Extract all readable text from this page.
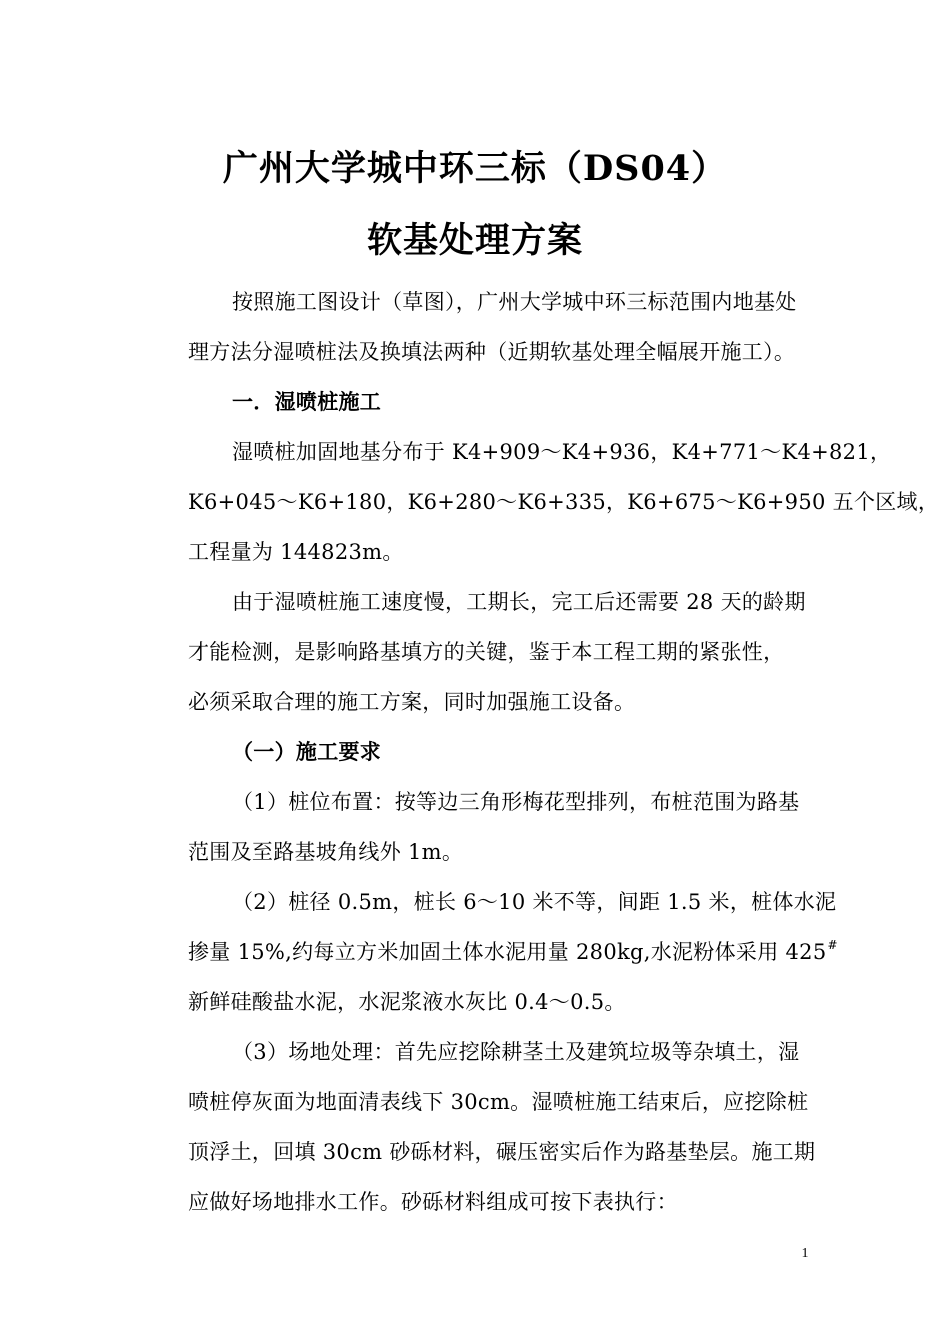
广州大学城中环三标（DS04）
软基处理方案
按照施工图设计（草图），广州大学城中环三标范围内地基处
理方法分湿喷桩法及换填法两种（近期软基处理全幅展开施工）。
一．湿喷桩施工
湿喷桩加固地基分布于 K4+909～K4+936，K4+771～K4+821，
K6+045～K6+180，K6+280～K6+335，K6+675～K6+950 五个区域，
工程量为 144823m。
由于湿喷桩施工速度慢，工期长，完工后还需要 28 天的龄期
才能检测，是影响路基填方的关键，鉴于本工程工期的紧张性，
必须采取合理的施工方案，同时加强施工设备。
（一）施工要求
（1）桩位布置：按等边三角形梅花型排列，布桩范围为路基
范围及至路基坡角线外 1m。
（2）桩径 0.5m，桩长 6～10 米不等，间距 1.5 米，桩体水泥
掺量 15%,约每立方米加固土体水泥用量 280kg,水泥粉体采用 425#
新鲜硅酸盐水泥，水泥浆液水灰比 0.4～0.5。
（3）场地处理：首先应挖除耕茎土及建筑垃圾等杂填土，湿
喷桩停灰面为地面清表线下 30cm。湿喷桩施工结束后，应挖除桩
顶浮土，回填 30cm 砂砾材料，碾压密实后作为路基垫层。施工期
应做好场地排水工作。砂砾材料组成可按下表执行：
1
